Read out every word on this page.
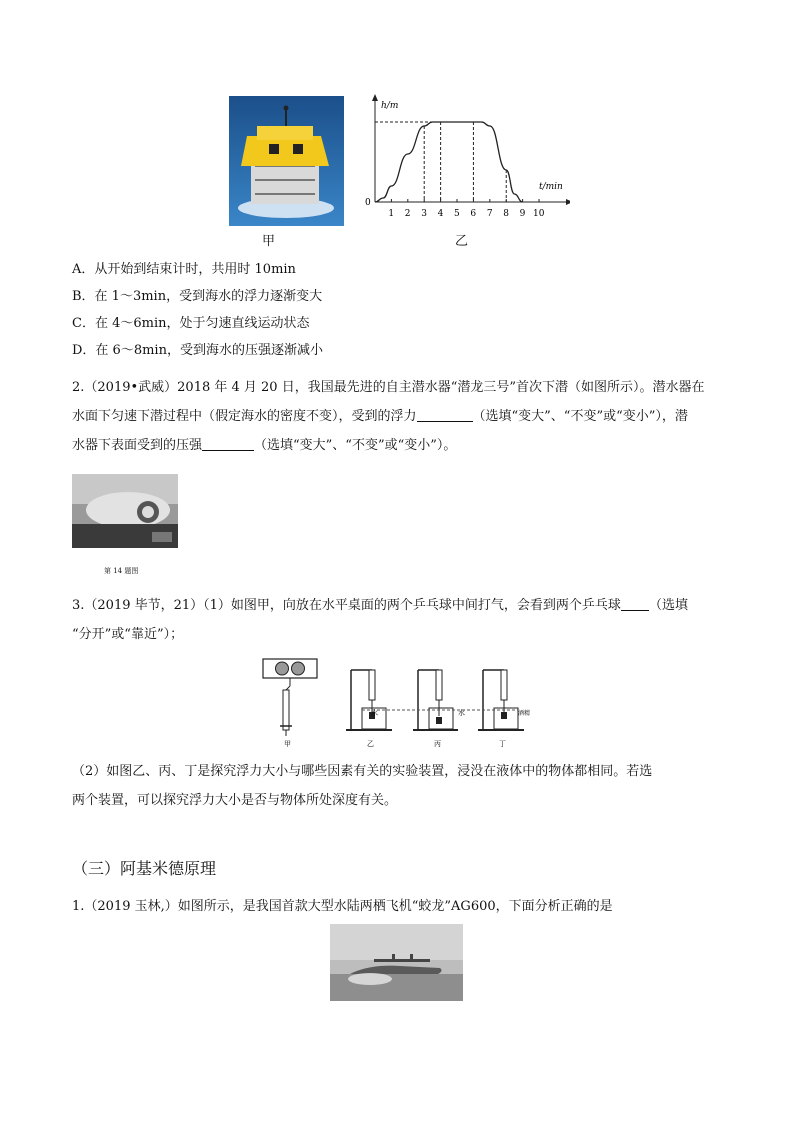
甲
h/m
t/min
0
1 2 3 4 5 6 7 8 9 10
乙
A．从开始到结束计时，共用时 10min
B．在 1～3min，受到海水的浮力逐渐变大
C．在 4～6min，处于匀速直线运动状态
D．在 6～8min，受到海水的压强逐渐减小
2.（2019•武威）2018 年 4 月 20 日，我国最先进的自主潜水器“潜龙三号”首次下潜（如图所示）。潜水器在
水面下匀速下潜过程中（假定海水的密度不变），受到的浮力	（选填“变大”、“不变”或“变小”），潜
水器下表面受到的压强	（选填“变大”、“不变”或“变小”）。
第 14 题图
3.（2019 毕节，21）（1）如图甲，向放在水平桌面的两个乒乓球中间打气，会看到两个乒乓球 （选填
“分开”或“靠近”）；
水	水	酒精
甲	乙	丙	丁
（2）如图乙、丙、丁是探究浮力大小与哪些因素有关的实验装置，浸没在液体中的物体都相同。若选
两个装置，可以探究浮力大小是否与物体所处深度有关。
（三）阿基米德原理
1.（2019 玉林,）如图所示，是我国首款大型水陆两栖飞机“蛟龙”AG600，下面分析正确的是
